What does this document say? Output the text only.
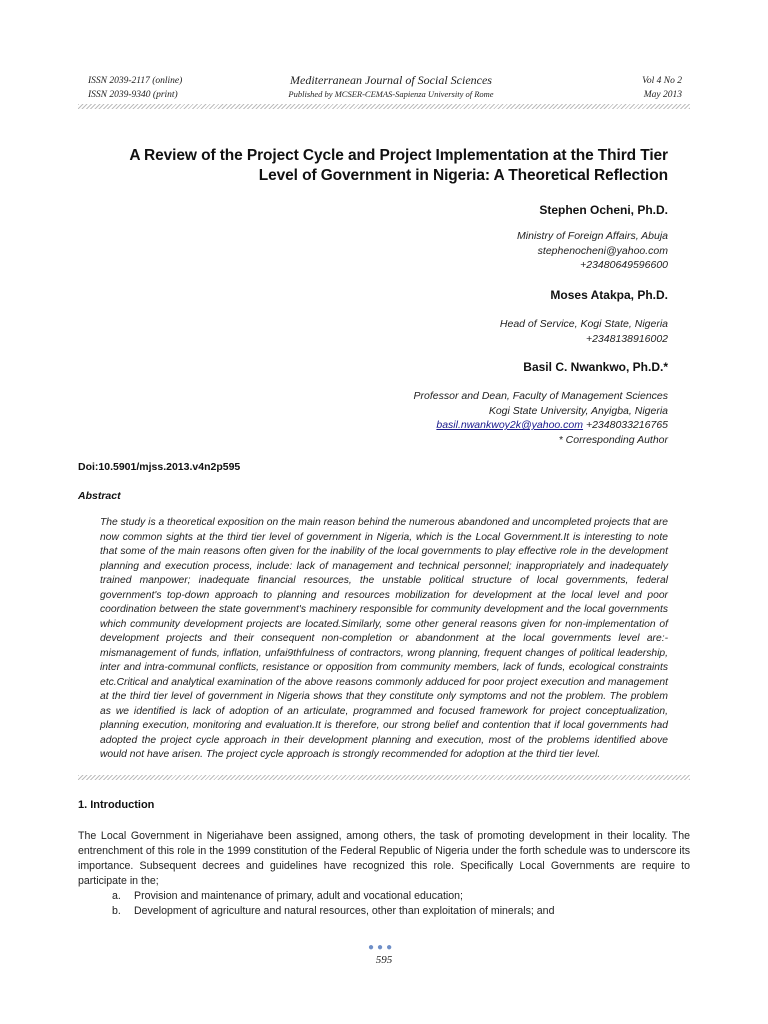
ISSN 2039-2117 (online)
ISSN 2039-9340 (print)
Mediterranean Journal of Social Sciences
Published by MCSER-CEMAS-Sapienza University of Rome
Vol 4 No 2
May 2013
A Review of the Project Cycle and Project Implementation at the Third Tier
Level of Government in Nigeria: A Theoretical Reflection
Stephen Ocheni, Ph.D.
Ministry of Foreign Affairs, Abuja
stephenocheni@yahoo.com
+23480649596600
Moses Atakpa, Ph.D.
Head of Service, Kogi State, Nigeria
+2348138916002
Basil C. Nwankwo, Ph.D.*
Professor and Dean, Faculty of Management Sciences
Kogi State University, Anyigba, Nigeria
basil.nwankwoy2k@yahoo.com +2348033216765
* Corresponding Author
Doi:10.5901/mjss.2013.v4n2p595
Abstract
The study is a theoretical exposition on the main reason behind the numerous abandoned and uncompleted projects that are now common sights at the third tier level of government in Nigeria, which is the Local Government.It is interesting to note that some of the main reasons often given for the inability of the local governments to play effective role in the development planning and execution process, include: lack of management and technical personnel; inappropriately and inadequately trained manpower; inadequate financial resources, the unstable political structure of local governments, federal government's top-down approach to planning and resources mobilization for development at the local level and poor coordination between the state government's machinery responsible for community development and the local governments which community development projects are located.Similarly, some other general reasons given for non-implementation of development projects and their consequent non-completion or abandonment at the local governments level are:- mismanagement of funds, inflation, unfai9thfulness of contractors, wrong planning, frequent changes of political leadership, inter and intra-communal conflicts, resistance or opposition from community members, lack of funds, ecological constraints etc.Critical and analytical examination of the above reasons commonly adduced for poor project execution and management at the third tier level of government in Nigeria shows that they constitute only symptoms and not the problem. The problem as we identified is lack of adoption of an articulate, programmed and focused framework for project conceptualization, planning execution, monitoring and evaluation.It is therefore, our strong belief and contention that if local governments had adopted the project cycle approach in their development planning and execution, most of the problems identified above would not have arisen. The project cycle approach is strongly recommended for adoption at the third tier level.
1. Introduction
The Local Government in Nigeriahave been assigned, among others, the task of promoting development in their locality. The entrenchment of this role in the 1999 constitution of the Federal Republic of Nigeria under the forth schedule was to underscore its importance. Subsequent decrees and guidelines have recognized this role. Specifically Local Governments are require to participate in the;
a. Provision and maintenance of primary, adult and vocational education;
b. Development of agriculture and natural resources, other than exploitation of minerals; and
●●●
595
